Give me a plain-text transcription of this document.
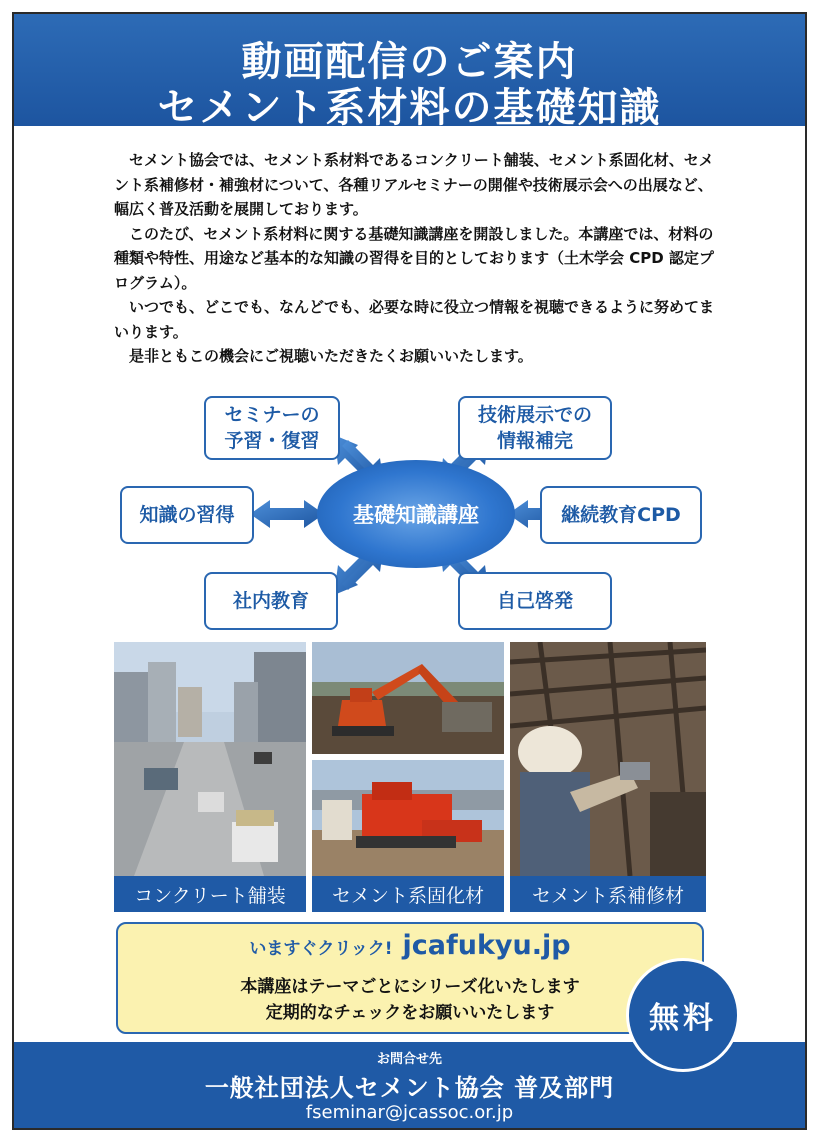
動画配信のご案内
セメント系材料の基礎知識

セメント協会では、セメント系材料であるコンクリート舗装、セメント系固化材、セメント系補修材・補強材について、各種リアルセミナーの開催や技術展示会への出展など、幅広く普及活動を展開しております。

このたび、セメント系材料に関する基礎知識講座を開設しました。本講座では、材料の種類や特性、用途など基本的な知識の習得を目的としております（土木学会 CPD 認定プログラム）。

いつでも、どこでも、なんどでも、必要な時に役立つ情報を視聴できるように努めてまいります。

是非ともこの機会にご視聴いただきたくお願いいたします。

セミナーの
予習・復習
技術展示での
情報補完
知識の習得	継続教育CPD
社内教育	自己啓発
基礎知識講座
コンクリート舗装	セメント系固化材	セメント系補修材
いますぐクリック! jcafukyu.jp
本講座はテーマごとにシリーズ化いたします
定期的なチェックをお願いいたします
お問合せ先
一般社団法人セメント協会 普及部門
fseminar@jcassoc.or.jp
無料
